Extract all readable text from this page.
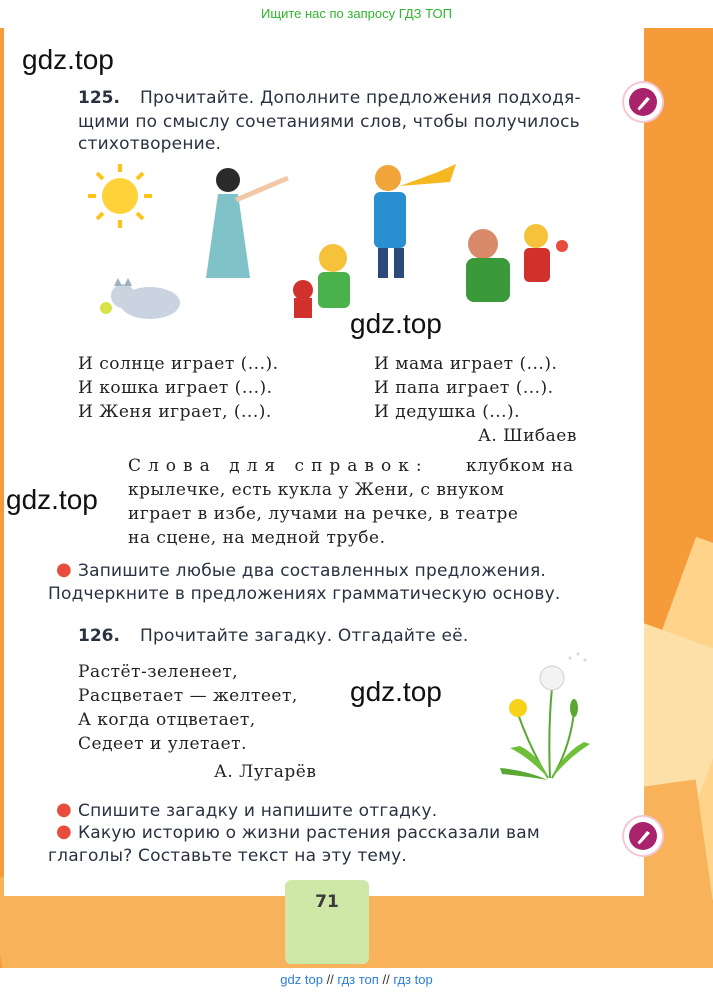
Ищите нас по запросу ГДЗ ТОП
gdz.top
gdz.top
gdz.top
gdz.top
125. Прочитайте. Дополните предложения подходя-
щими по смыслу сочетаниями слов, чтобы получилось
стихотворение.
И солнце играет (...).
И кошка играет (...).
И Женя играет, (...).
И мама играет (...).
И папа играет (...).
И дедушка (...).
А. Шибаев
Слова для справок: клубком на
крылечке, есть кукла у Жени, с внуком
играет в избе, лучами на речке, в театре
на сцене, на медной трубе.
● Запишите любые два составленных предложения.
Подчеркните в предложениях грамматическую основу.
126. Прочитайте загадку. Отгадайте её.
Растёт-зеленеет,
Расцветает — желтеет,
А когда отцветает,
Седеет и улетает.
А. Лугарёв
● Спишите загадку и напишите отгадку.
● Какую историю о жизни растения рассказали вам
глаголы? Составьте текст на эту тему.
71
gdz top // гдз топ // гдз top
